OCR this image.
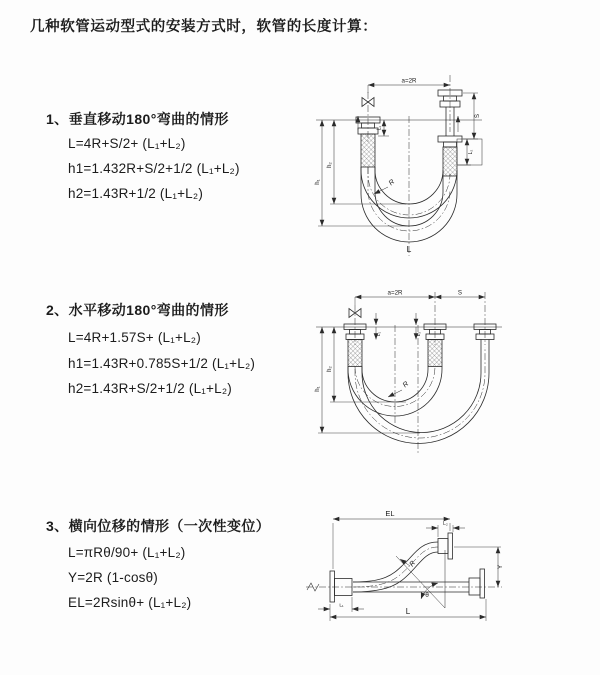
几种软管运动型式的安装方式时，软管的长度计算：
1、垂直移动180°弯曲的情形
L=4R+S/2+ (L₁+L₂)
h1=1.432R+S/2+1/2 (L₁+L₂)
h2=1.43R+1/2 (L₁+L₂)
2、水平移动180°弯曲的情形
L=4R+1.57S+ (L₁+L₂)
h1=1.43R+0.785S+1/2 (L₁+L₂)
h2=1.43R+S/2+1/2 (L₁+L₂)
3、横向位移的情形（一次性变位）
L=πRθ/90+ (L₁+L₂)
Y=2R (1-cosθ)
EL=2Rsinθ+ (L₁+L₂)
a=2R
h₁
h₂
L₁
S
L₂
R
L
a=2R	S
h₁
h₂
L₁	L₂
R
EL
L₂
Y
θ
R
L
L₁
